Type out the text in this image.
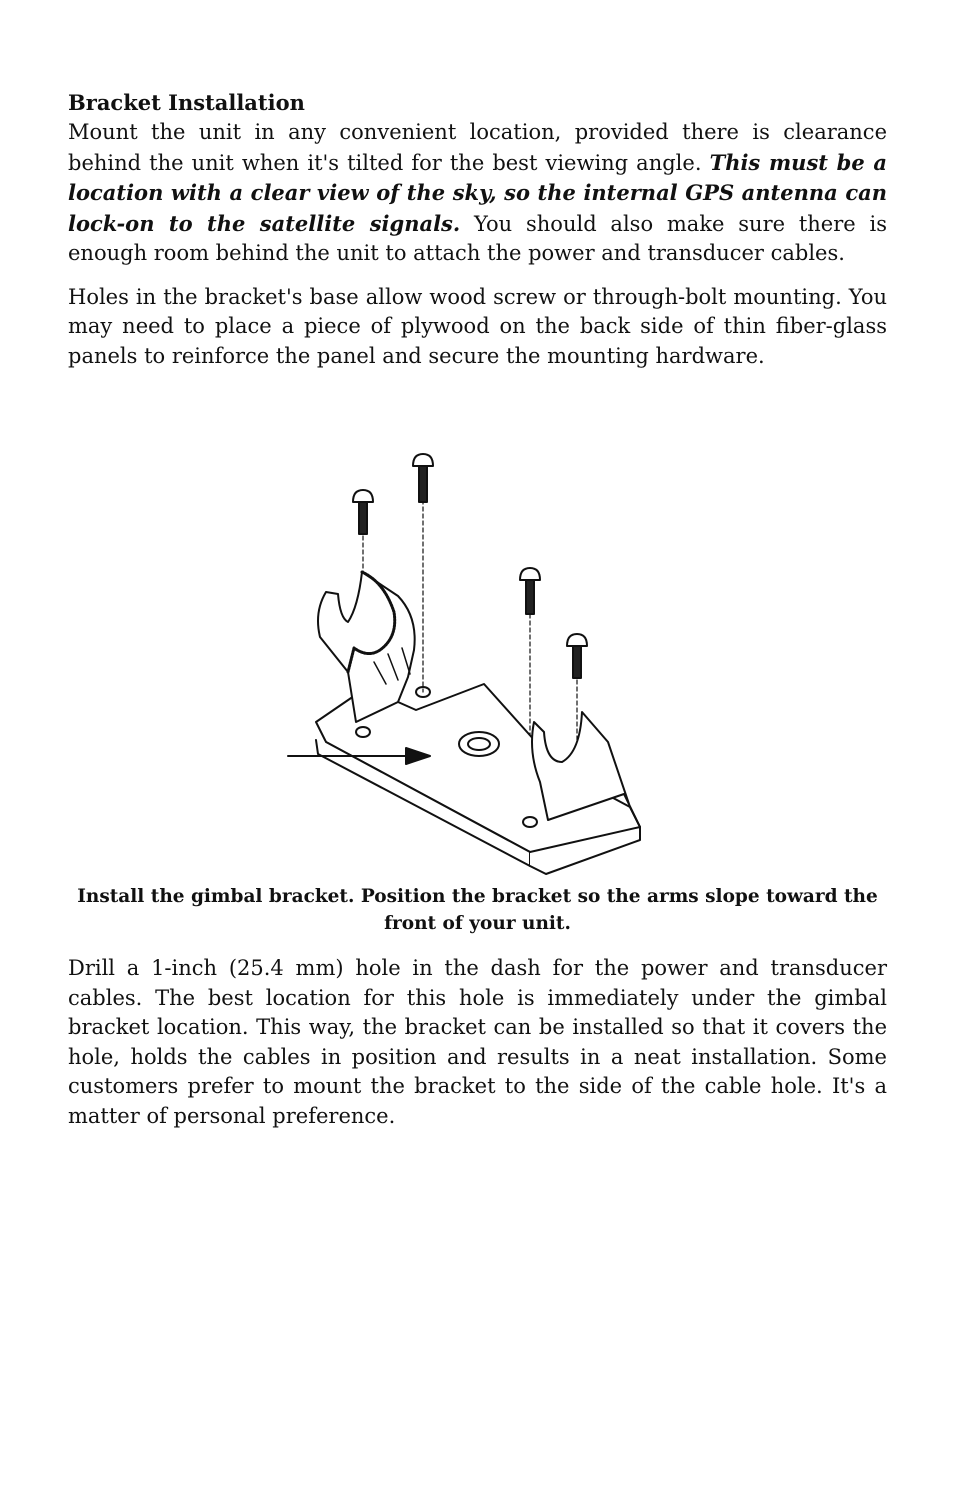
Bracket Installation

Mount the unit in any convenient location, provided there is clearance behind the unit when it's tilted for the best viewing angle. This must be a location with a clear view of the sky, so the internal GPS antenna can lock-on to the satellite signals. You should also make sure there is enough room behind the unit to attach the power and transducer cables.

Holes in the bracket's base allow wood screw or through-bolt mounting. You may need to place a piece of plywood on the back side of thin fiber-glass panels to reinforce the panel and secure the mounting hardware.

Install the gimbal bracket. Position the bracket so the arms slope toward the front of your unit.

Drill a 1-inch (25.4 mm) hole in the dash for the power and transducer cables. The best location for this hole is immediately under the gimbal bracket location. This way, the bracket can be installed so that it covers the hole, holds the cables in position and results in a neat installation. Some customers prefer to mount the bracket to the side of the cable hole. It's a matter of personal preference.
